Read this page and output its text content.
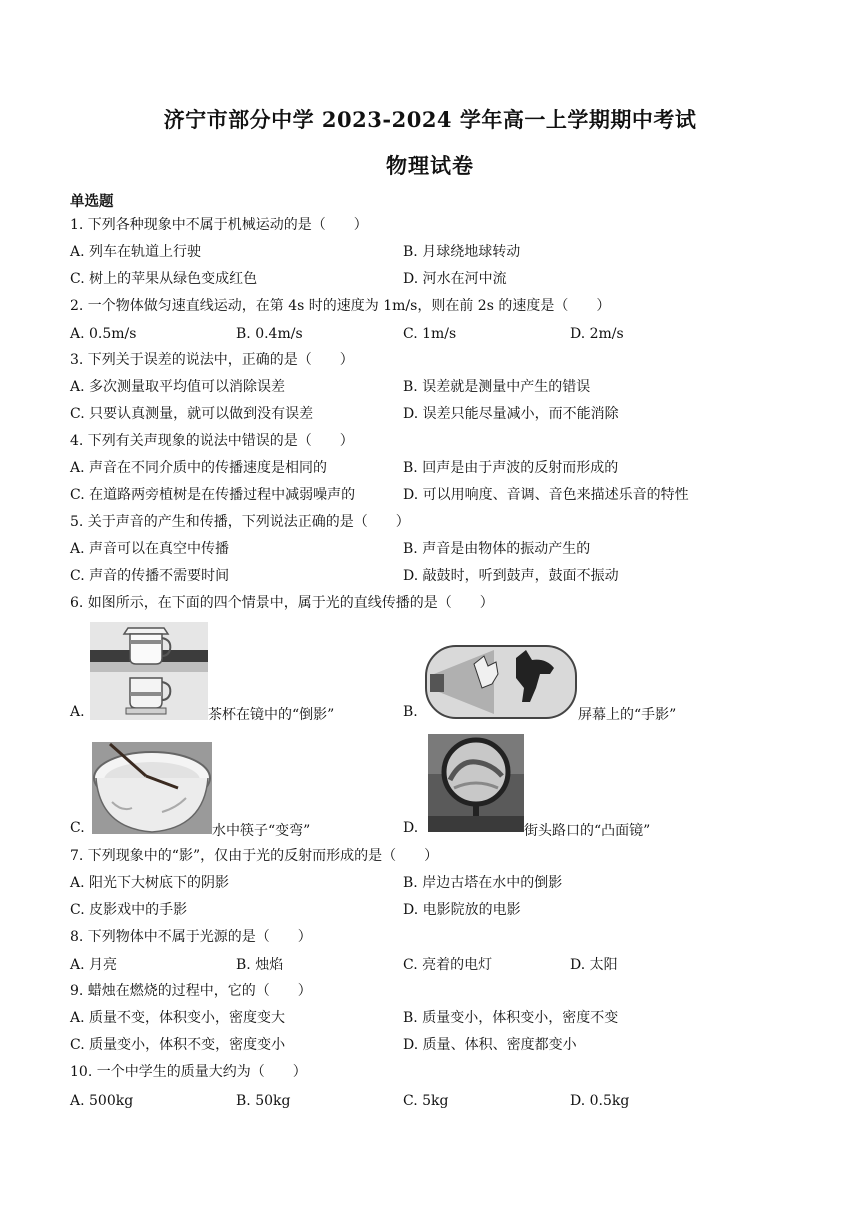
济宁市部分中学 2023-2024 学年高一上学期期中考试
物理试卷
单选题
1. 下列各种现象中不属于机械运动的是（　　）
A. 列车在轨道上行驶	B. 月球绕地球转动
C. 树上的苹果从绿色变成红色	D. 河水在河中流
2. 一个物体做匀速直线运动，在第 4s 时的速度为 1m/s，则在前 2s 的速度是（　　）
A. 0.5m/s	B. 0.4m/s	C. 1m/s	D. 2m/s
3. 下列关于误差的说法中，正确的是（　　）
A. 多次测量取平均值可以消除误差	B. 误差就是测量中产生的错误
C. 只要认真测量，就可以做到没有误差	D. 误差只能尽量减小，而不能消除
4. 下列有关声现象的说法中错误的是（　　）
A. 声音在不同介质中的传播速度是相同的	B. 回声是由于声波的反射而形成的
C. 在道路两旁植树是在传播过程中减弱噪声的	D. 可以用响度、音调、音色来描述乐音的特性
5. 关于声音的产生和传播，下列说法正确的是（　　）
A. 声音可以在真空中传播	B. 声音是由物体的振动产生的
C. 声音的传播不需要时间	D. 敲鼓时，听到鼓声，鼓面不振动
6. 如图所示，在下面的四个情景中，属于光的直线传播的是（　　）
A.	茶杯在镜中的“倒影”	B.	屏幕上的“手影”
C.	水中筷子“变弯”	D.	街头路口的“凸面镜”
7. 下列现象中的“影”，仅由于光的反射而形成的是（　　）
A. 阳光下大树底下的阴影	B. 岸边古塔在水中的倒影
C. 皮影戏中的手影	D. 电影院放的电影
8. 下列物体中不属于光源的是（　　）
A. 月亮	B. 烛焰	C. 亮着的电灯	D. 太阳
9. 蜡烛在燃烧的过程中，它的（　　）
A. 质量不变，体积变小，密度变大	B. 质量变小，体积变小，密度不变
C. 质量变小，体积不变，密度变小	D. 质量、体积、密度都变小
10. 一个中学生的质量大约为（　　）
A. 500kg	B. 50kg	C. 5kg	D. 0.5kg
